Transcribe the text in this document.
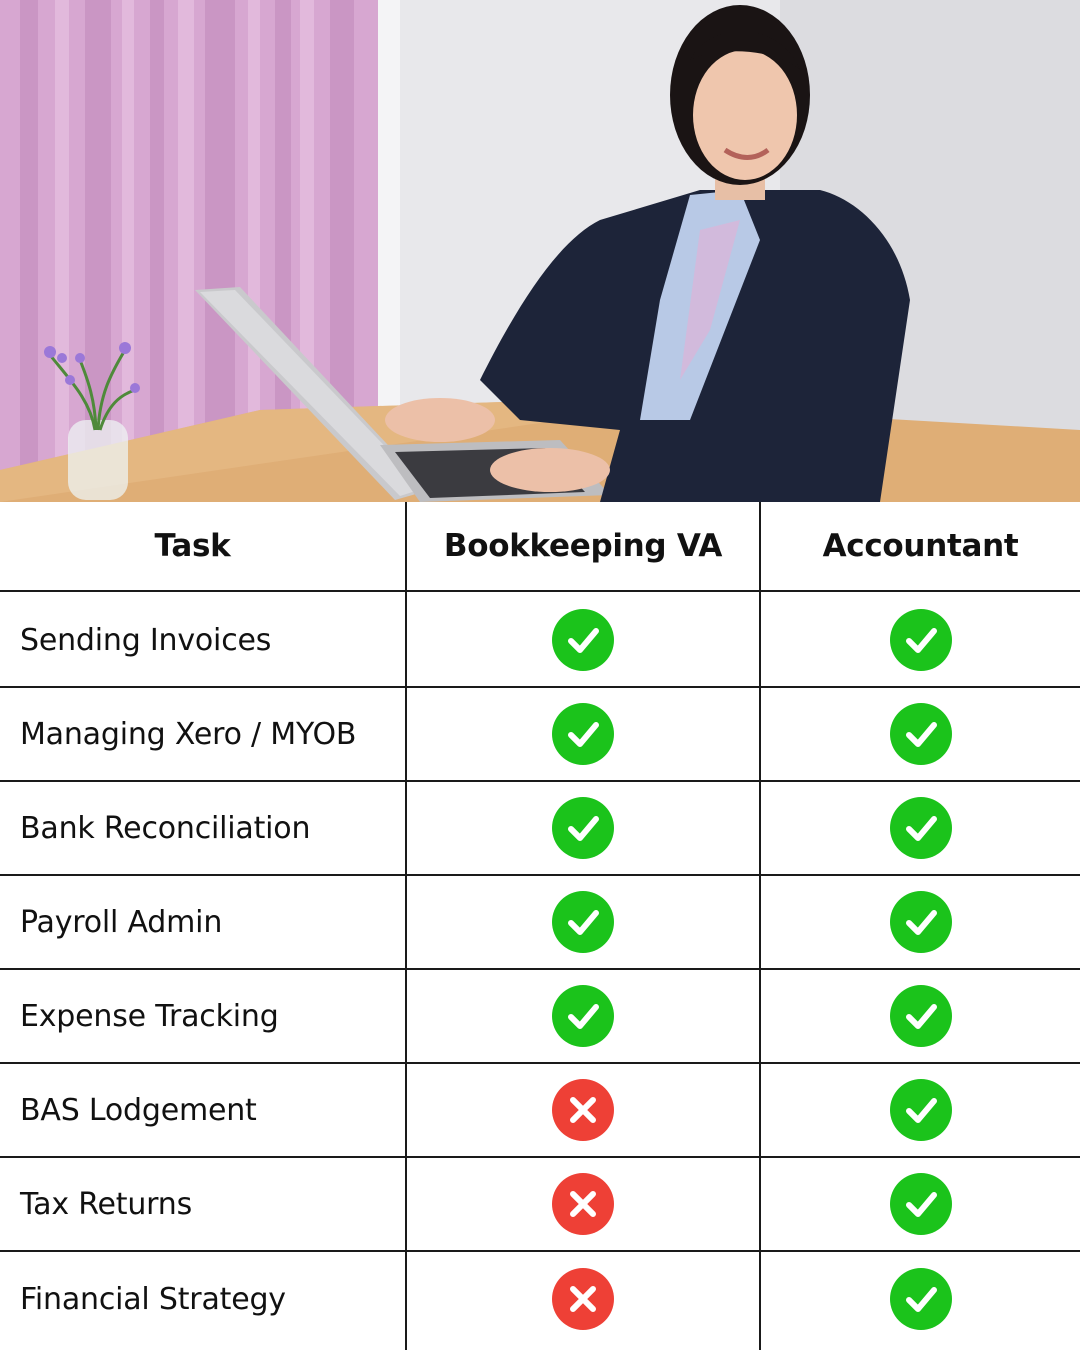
Task	Bookkeeping VA	Accountant
Sending Invoices
Managing Xero / MYOB
Bank Reconciliation
Payroll Admin
Expense Tracking
BAS Lodgement
Tax Returns
Financial Strategy
